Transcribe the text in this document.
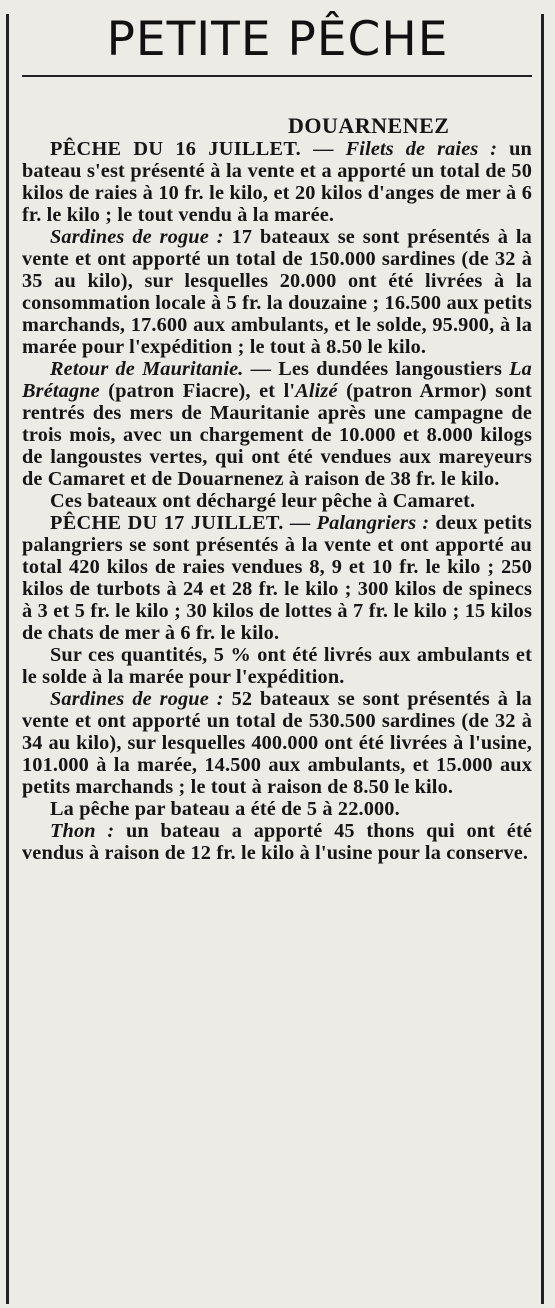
PETITE PÊCHE
DOUARNENEZ

PÊCHE DU 16 JUILLET. — Filets de raies : un bateau s'est présenté à la vente et a apporté un total de 50 kilos de raies à 10 fr. le kilo, et 20 kilos d'anges de mer à 6 fr. le kilo ; le tout vendu à la marée.

Sardines de rogue : 17 bateaux se sont présentés à la vente et ont apporté un total de 150.000 sardines (de 32 à 35 au kilo), sur lesquelles 20.000 ont été livrées à la consommation locale à 5 fr. la douzaine ; 16.500 aux petits marchands, 17.600 aux ambulants, et le solde, 95.900, à la marée pour l'expédition ; le tout à 8.50 le kilo.

Retour de Mauritanie. — Les dundées langoustiers La Brétagne (patron Fiacre), et l'Alizé (patron Armor) sont rentrés des mers de Mauritanie après une campagne de trois mois, avec un chargement de 10.000 et 8.000 kilogs de langoustes vertes, qui ont été vendues aux mareyeurs de Camaret et de Douarnenez à raison de 38 fr. le kilo.

Ces bateaux ont déchargé leur pêche à Camaret.

PÊCHE DU 17 JUILLET. — Palangriers : deux petits palangriers se sont présentés à la vente et ont apporté au total 420 kilos de raies vendues 8, 9 et 10 fr. le kilo ; 250 kilos de turbots à 24 et 28 fr. le kilo ; 300 kilos de spinecs à 3 et 5 fr. le kilo ; 30 kilos de lottes à 7 fr. le kilo ; 15 kilos de chats de mer à 6 fr. le kilo.

Sur ces quantités, 5 % ont été livrés aux ambulants et le solde à la marée pour l'expédition.

Sardines de rogue : 52 bateaux se sont présentés à la vente et ont apporté un total de 530.500 sardines (de 32 à 34 au kilo), sur lesquelles 400.000 ont été livrées à l'usine, 101.000 à la marée, 14.500 aux ambulants, et 15.000 aux petits marchands ; le tout à raison de 8.50 le kilo.

La pêche par bateau a été de 5 à 22.000.

Thon : un bateau a apporté 45 thons qui ont été vendus à raison de 12 fr. le kilo à l'usine pour la conserve.
